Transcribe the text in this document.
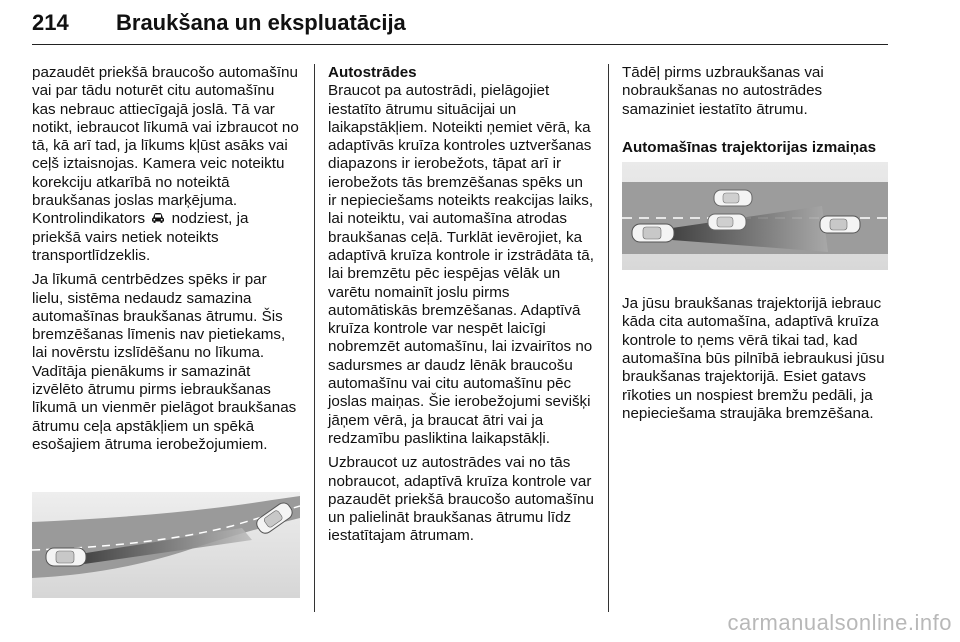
214 Braukšana un ekspluatācija

pazaudēt priekšā braucošo automašīnu vai par tādu noturēt citu automašīnu kas nebrauc attiecīgajā joslā. Tā var notikt, iebraucot līkumā vai izbraucot no tā, kā arī tad, ja līkums kļūst asāks vai ceļš iztaisnojas. Kamera veic noteiktu korekciju atkarībā no noteiktā braukšanas joslas marķējuma. Kontrolindikators nodziest, ja priekšā vairs netiek noteikts transportlīdzeklis.

Ja līkumā centrbēdzes spēks ir par lielu, sistēma nedaudz samazina automašīnas braukšanas ātrumu. Šis bremzēšanas līmenis nav pietiekams, lai novērstu izslīdēšanu no līkuma. Vadītāja pienākums ir samazināt izvēlēto ātrumu pirms iebraukšanas līkumā un vienmēr pielāgot braukšanas ātrumu ceļa apstākļiem un spēkā esošajiem ātruma ierobežojumiem.

Autostrādes

Braucot pa autostrādi, pielāgojiet iestatīto ātrumu situācijai un laikapstākļiem. Noteikti ņemiet vērā, ka adaptīvās kruīza kontroles uztveršanas diapazons ir ierobežots, tāpat arī ir ierobežots tās bremzēšanas spēks un ir nepieciešams noteikts reakcijas laiks, lai noteiktu, vai automašīna atrodas braukšanas ceļā. Turklāt ievērojiet, ka adaptīvā kruīza kontrole ir izstrādāta tā, lai bremzētu pēc iespējas vēlāk un varētu nomainīt joslu pirms automātiskās bremzēšanas. Adaptīvā kruīza kontrole var nespēt laicīgi nobremzēt automašīnu, lai izvairītos no sadursmes ar daudz lēnāk braucošu automašīnu vai citu automašīnu pēc joslas maiņas. Šie ierobežojumi sevišķi jāņem vērā, ja braucat ātri vai ja redzamību pasliktina laikapstākļi.

Uzbraucot uz autostrādes vai no tās nobraucot, adaptīvā kruīza kontrole var pazaudēt priekšā braucošo automašīnu un palielināt braukšanas ātrumu līdz iestatītajam ātrumam.

Tādēļ pirms uzbraukšanas vai nobraukšanas no autostrādes samaziniet iestatīto ātrumu.

Automašīnas trajektorijas izmaiņas

Ja jūsu braukšanas trajektorijā iebrauc kāda cita automašīna, adaptīvā kruīza kontrole to ņems vērā tikai tad, kad automašīna būs pilnībā iebraukusi jūsu braukšanas trajektorijā. Esiet gatavs rīkoties un nospiest bremžu pedāli, ja nepieciešama straujāka bremzēšana.

carmanualsonline.info
